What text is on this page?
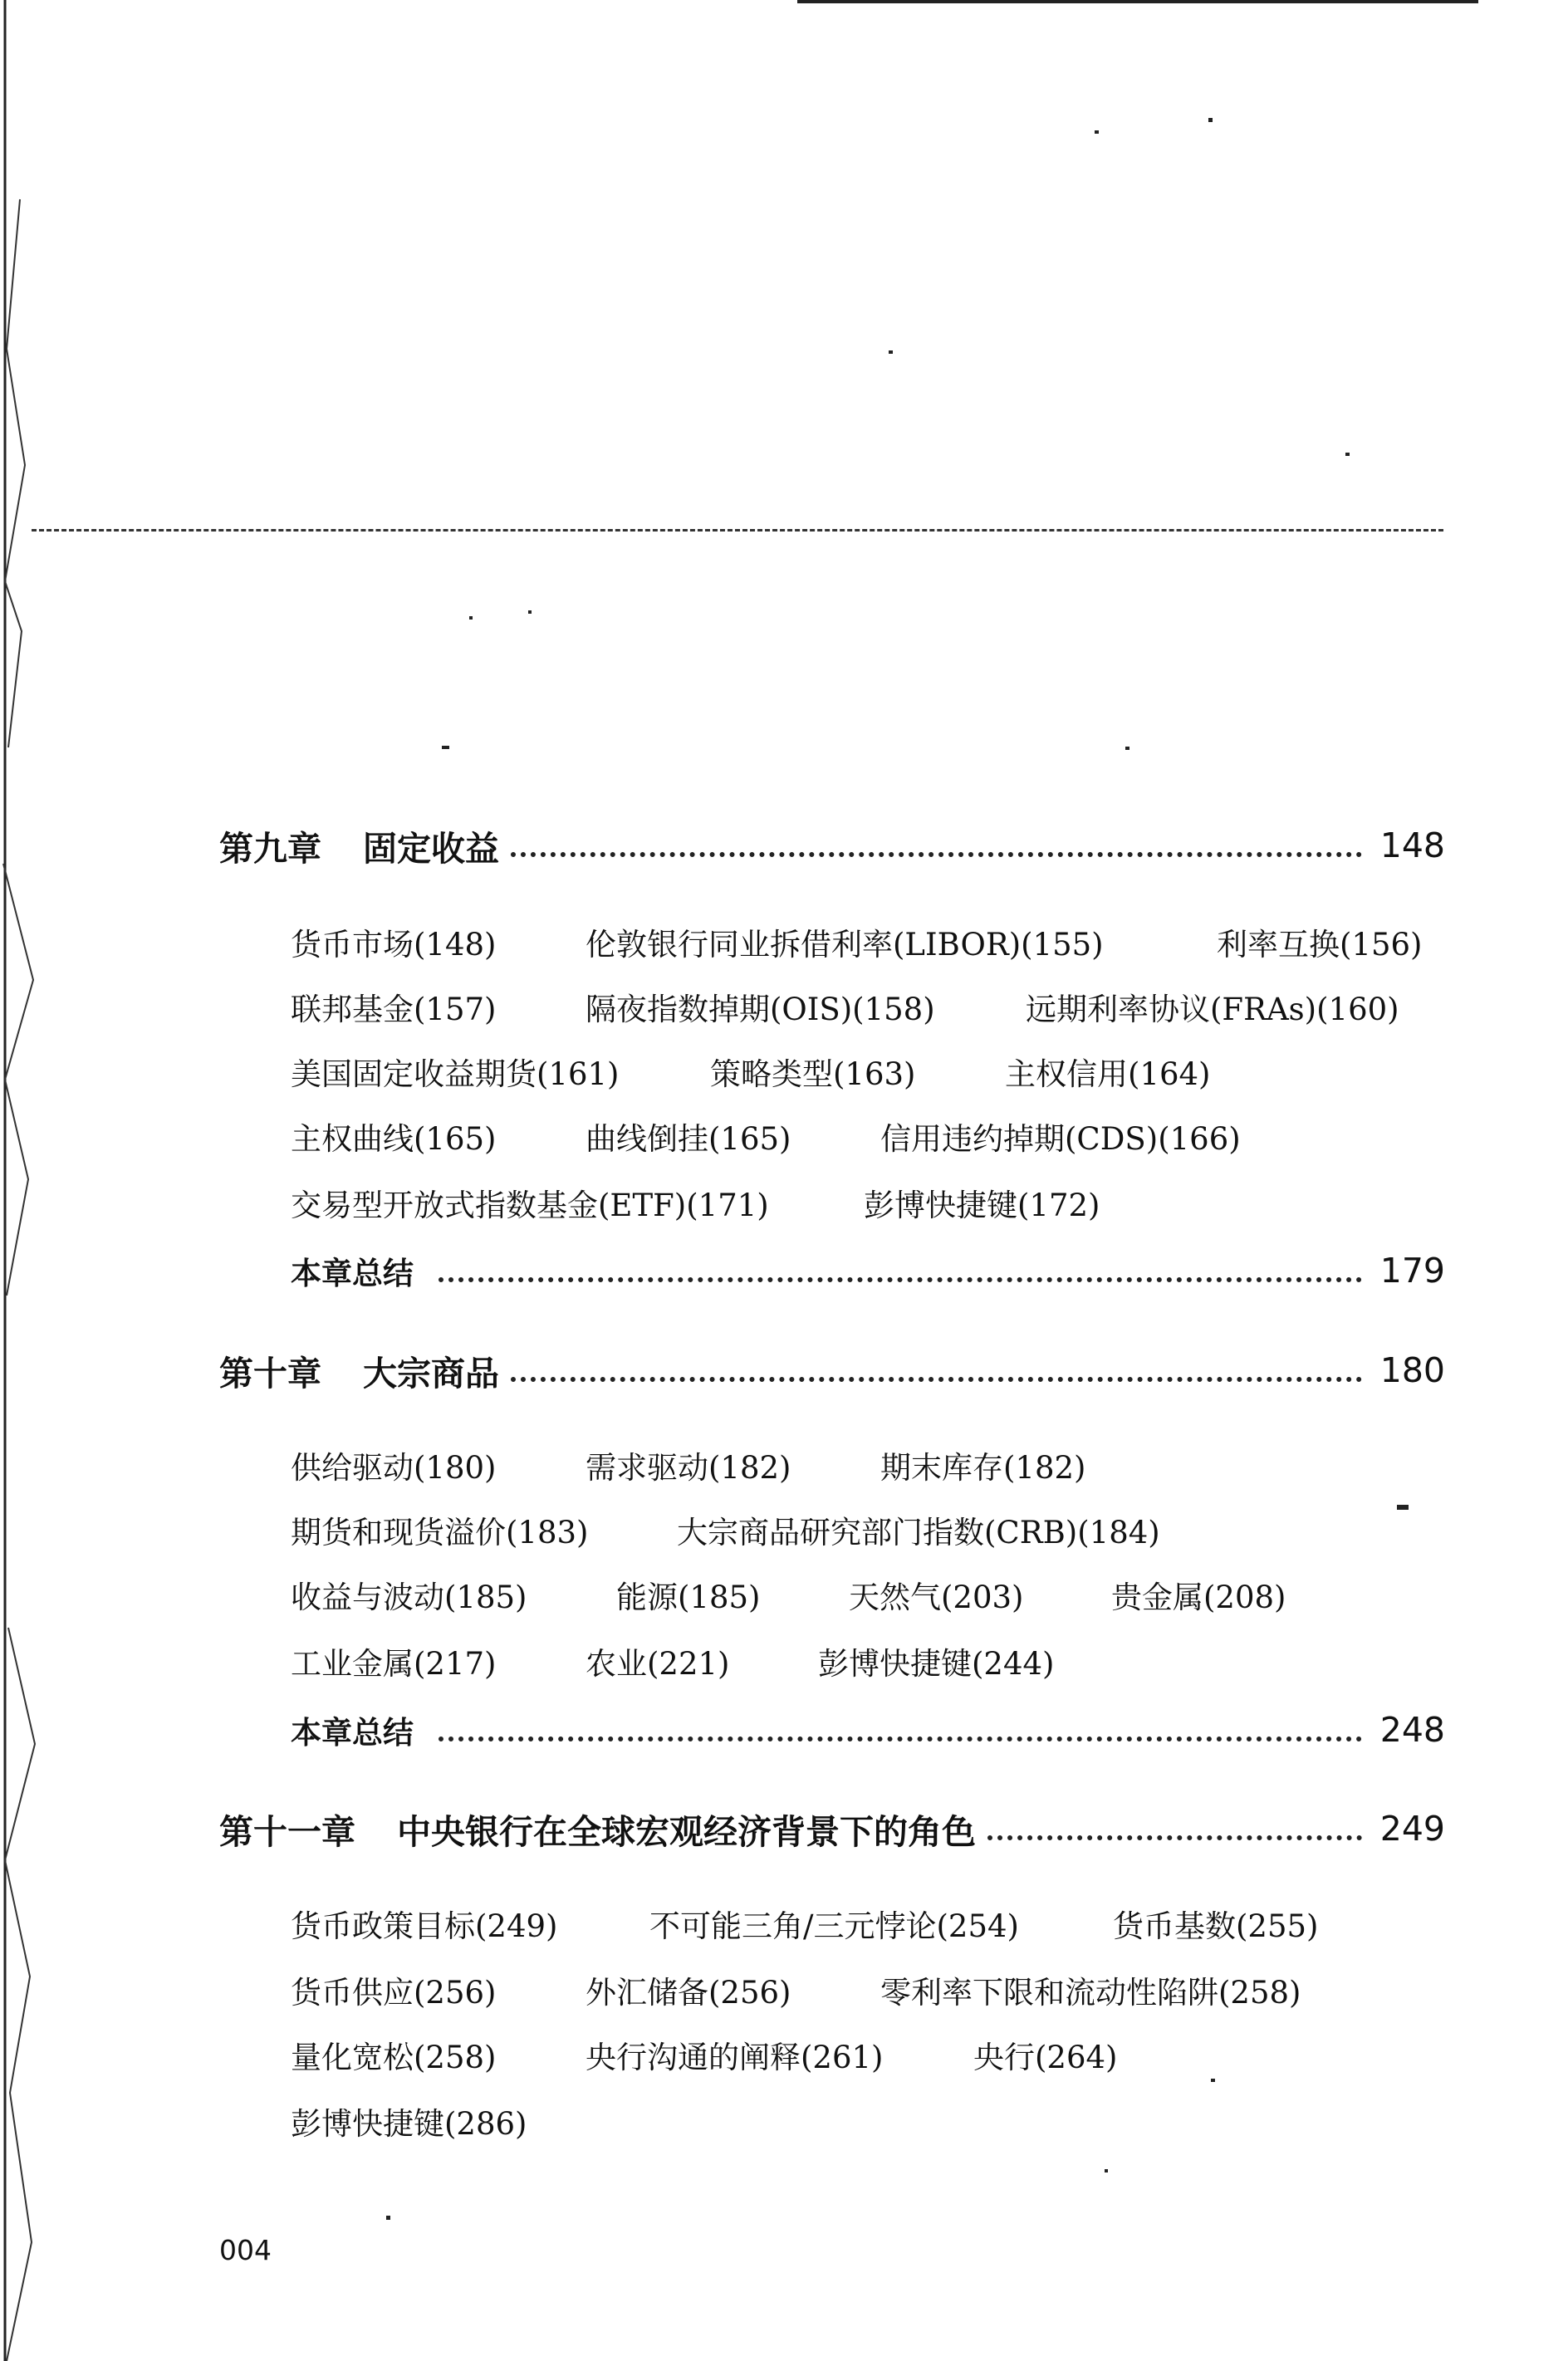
第九章 固定收益	148
货币市场(148)	伦敦银行同业拆借利率(LIBOR)(155)	利率互换(156)
联邦基金(157)	隔夜指数掉期(OIS)(158)	远期利率协议(FRAs)(160)
美国固定收益期货(161)	策略类型(163)	主权信用(164)
主权曲线(165)	曲线倒挂(165)	信用违约掉期(CDS)(166)
交易型开放式指数基金(ETF)(171)	彭博快捷键(172)
本章总结	179
第十章 大宗商品	180
供给驱动(180)	需求驱动(182)	期末库存(182)
期货和现货溢价(183)	大宗商品研究部门指数(CRB)(184)
收益与波动(185)	能源(185)	天然气(203)	贵金属(208)
工业金属(217)	农业(221)	彭博快捷键(244)
本章总结	248
第十一章 中央银行在全球宏观经济背景下的角色	249
货币政策目标(249)	不可能三角/三元悖论(254)	货币基数(255)
货币供应(256)	外汇储备(256)	零利率下限和流动性陷阱(258)
量化宽松(258)	央行沟通的阐释(261)	央行(264)
彭博快捷键(286)
004
